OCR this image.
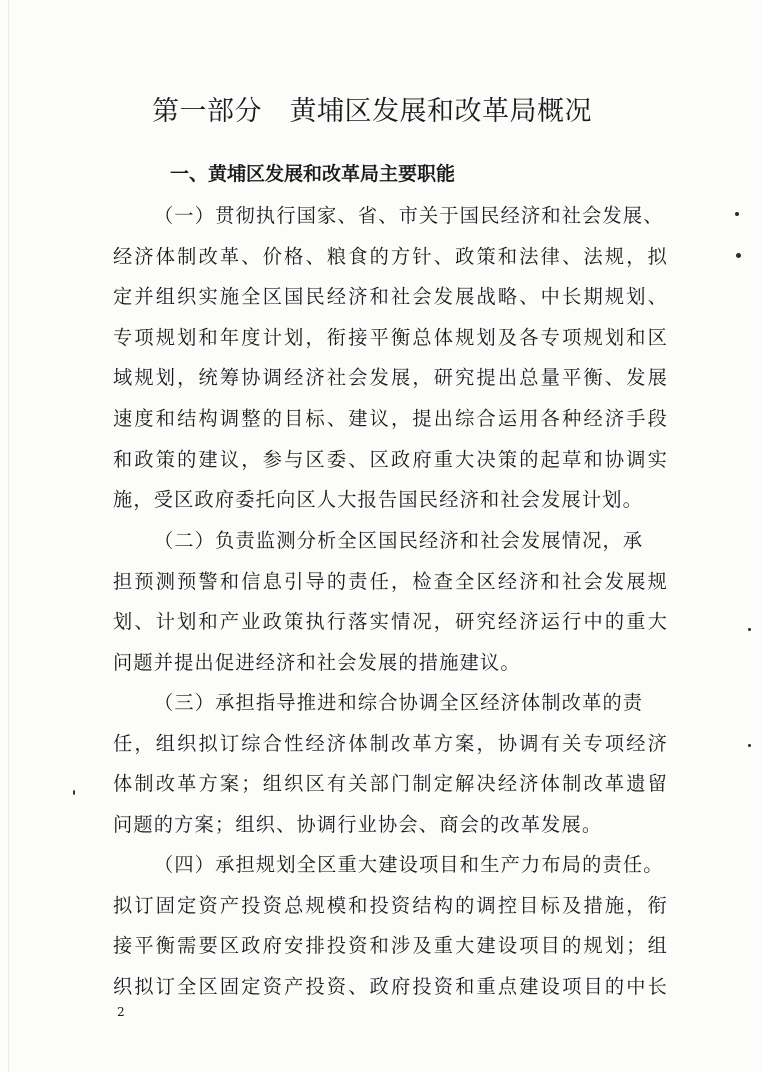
第一部分　黄埔区发展和改革局概况
一、黄埔区发展和改革局主要职能
（一）贯彻执行国家、省、市关于国民经济和社会发展、
经济体制改革、价格、粮食的方针、政策和法律、法规，拟
定并组织实施全区国民经济和社会发展战略、中长期规划、
专项规划和年度计划，衔接平衡总体规划及各专项规划和区
域规划，统筹协调经济社会发展，研究提出总量平衡、发展
速度和结构调整的目标、建议，提出综合运用各种经济手段
和政策的建议，参与区委、区政府重大决策的起草和协调实
施，受区政府委托向区人大报告国民经济和社会发展计划。
（二）负责监测分析全区国民经济和社会发展情况，承
担预测预警和信息引导的责任，检查全区经济和社会发展规
划、计划和产业政策执行落实情况，研究经济运行中的重大
问题并提出促进经济和社会发展的措施建议。
（三）承担指导推进和综合协调全区经济体制改革的责
任，组织拟订综合性经济体制改革方案，协调有关专项经济
体制改革方案；组织区有关部门制定解决经济体制改革遗留
问题的方案；组织、协调行业协会、商会的改革发展。
（四）承担规划全区重大建设项目和生产力布局的责任。
拟订固定资产投资总规模和投资结构的调控目标及措施，衔
接平衡需要区政府安排投资和涉及重大建设项目的规划；组
织拟订全区固定资产投资、政府投资和重点建设项目的中长
2
